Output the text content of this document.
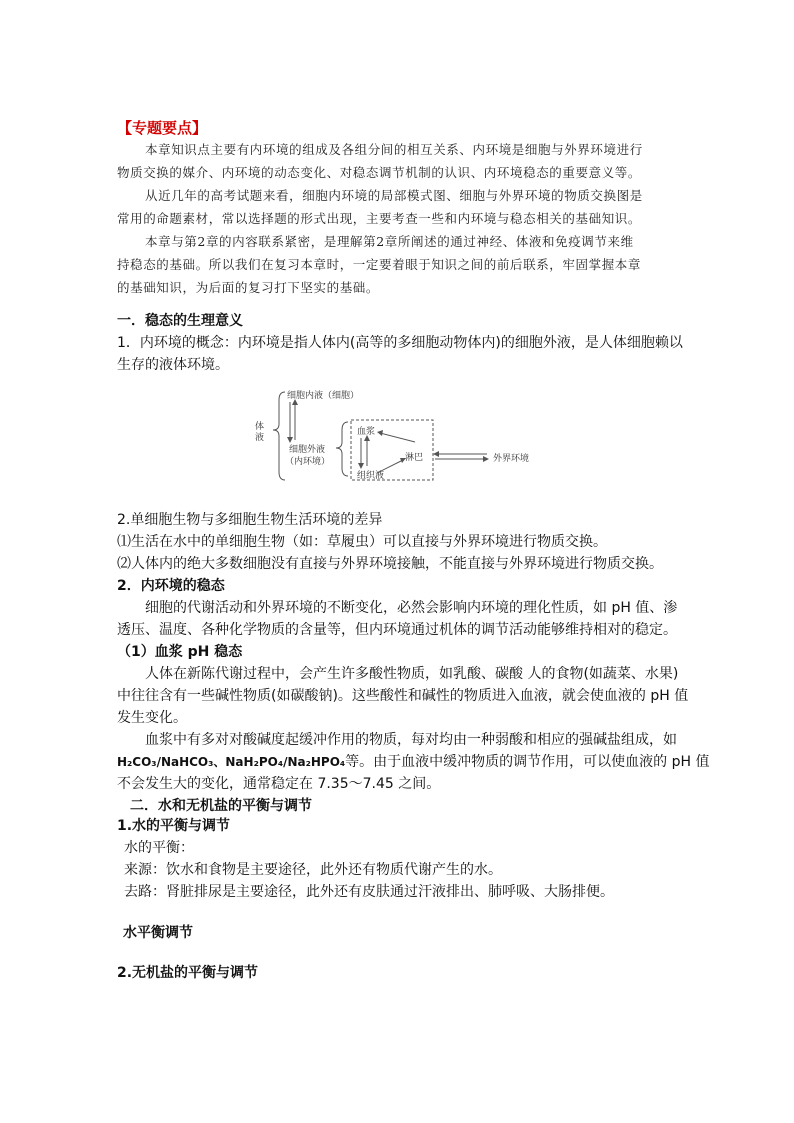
【专题要点】
本章知识点主要有内环境的组成及各组分间的相互关系、内环境是细胞与外界环境进行
物质交换的媒介、内环境的动态变化、对稳态调节机制的认识、内环境稳态的重要意义等。
从近几年的高考试题来看，细胞内环境的局部模式图、细胞与外界环境的物质交换图是
常用的命题素材，常以选择题的形式出现，主要考查一些和内环境与稳态相关的基础知识。
本章与第2章的内容联系紧密，是理解第2章所阐述的通过神经、体液和免疫调节来维
持稳态的基础。所以我们在复习本章时，一定要着眼于知识之间的前后联系，牢固掌握本章
的基础知识，为后面的复习打下坚实的基础。
一．稳态的生理意义
1．内环境的概念：内环境是指人体内(高等的多细胞动物体内)的细胞外液，是人体细胞赖以
生存的液体环境。
体液
细胞内液（细胞）
细胞外液
（内环境）
血浆
组织液
淋巴	外界环境
2.单细胞生物与多细胞生物生活环境的差异
⑴生活在水中的单细胞生物（如：草履虫）可以直接与外界环境进行物质交换。
⑵人体内的绝大多数细胞没有直接与外界环境接触，不能直接与外界环境进行物质交换。
2．内环境的稳态
细胞的代谢活动和外界环境的不断变化，必然会影响内环境的理化性质，如 pH 值、渗
透压、温度、各种化学物质的含量等，但内环境通过机体的调节活动能够维持相对的稳定。
（1）血浆 pH 稳态
人体在新陈代谢过程中，会产生许多酸性物质，如乳酸、碳酸 人的食物(如蔬菜、水果)
中往往含有一些碱性物质(如碳酸钠)。这些酸性和碱性的物质进入血液，就会使血液的 pH 值
发生变化。
血浆中有多对对酸碱度起缓冲作用的物质，每对均由一种弱酸和相应的强碱盐组成，如
H₂CO₃/NaHCO₃、NaH₂PO₄/Na₂HPO₄等。由于血液中缓冲物质的调节作用，可以使血液的 pH 值
不会发生大的变化，通常稳定在 7.35～7.45 之间。
二．水和无机盐的平衡与调节
1.水的平衡与调节
水的平衡：
来源：饮水和食物是主要途径，此外还有物质代谢产生的水。
去路：肾脏排尿是主要途径，此外还有皮肤通过汗液排出、肺呼吸、大肠排便。
水平衡调节
2.无机盐的平衡与调节
